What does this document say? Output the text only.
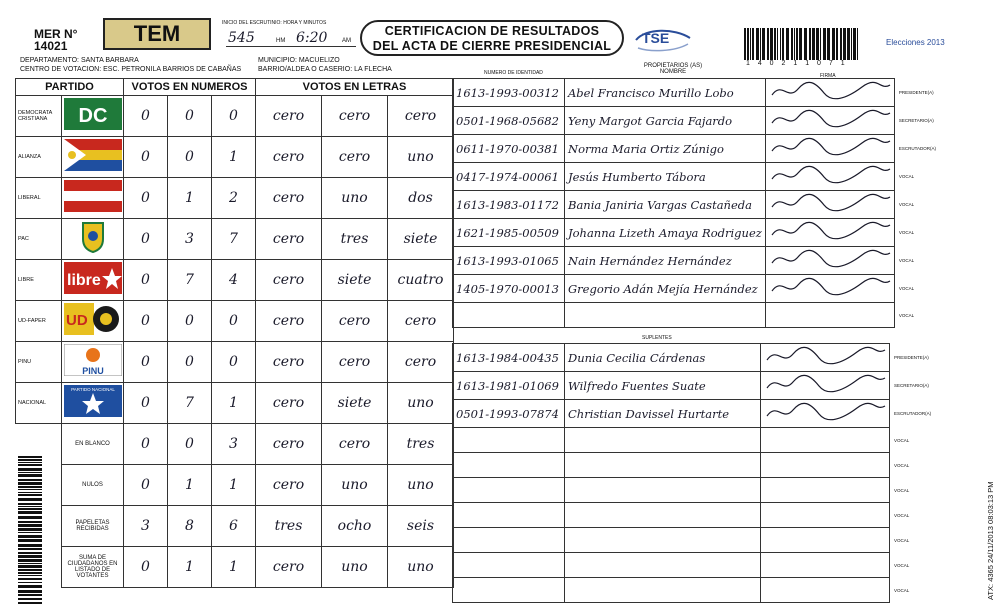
MER N°
14021	TEM	INICIO DEL ESCRUTINIO: HORA Y MINUTOS
545	HM 6:20 AM
CERTIFICACION DE RESULTADOS
DEL ACTA DE CIERRE PRESIDENCIAL	TSE
PROPIETARIOS (AS)
NOMBRE
1 4 0 2 1 1 0 7 1
Elecciones 2013
DEPARTAMENTO: SANTA BARBARA
CENTRO DE VOTACION: ESC. PETRONILA BARRIOS DE CABAÑAS
MUNICIPIO: MACUELIZO
BARRIO/ALDEA O CASERIO: LA FLECHA	NUMERO DE IDENTIDAD	FIRMA
PARTIDO		VOTOS EN NUMEROS			VOTOS EN LETRAS		
DEMOCRATA CRISTIANA	DC	0	0	0	cero	cero	cero
ALIANZA		0	0	1	cero	cero	uno
LIBERAL		0	1	2	cero	uno	dos
PAC		0	3	7	cero	tres	siete
LIBRE	libre	0	7	4	cero	siete	cuatro
UD-FAPER	UD	0	0	0	cero	cero	cero
PINU	PINU	0	0	0	cero	cero	cero
NACIONAL	PARTIDO NACIONAL	0	7	1	cero	siete	uno
	EN BLANCO	0	0	3	cero	cero	tres
	NULOS	0	1	1	cero	uno	uno
	PAPELETAS RECIBIDAS	3	8	6	tres	ocho	seis
	SUMA DE CIUDADANOS EN LISTADO DE VOTANTES	0	1	1	cero	uno	uno
1613-1993-00312	Abel Francisco Murillo Lobo		PRESIDENTE(A)
0501-1968-05682	Yeny Margot Garcia Fajardo		SECRETARIO(A)
0611-1970-00381	Norma Maria Ortiz Zúnigo		ESCRUTADOR(A)
0417-1974-00061	Jesús Humberto Tábora		VOCAL
1613-1983-01172	Bania Janiria Vargas Castañeda		VOCAL
1621-1985-00509	Johanna Lizeth Amaya Rodriguez		VOCAL
1613-1993-01065	Nain Hernández Hernández		VOCAL
1405-1970-00013	Gregorio Adán Mejía Hernández		VOCAL
			VOCAL
SUPLENTES
1613-1984-00435	Dunia Cecilia Cárdenas		PRESIDENTE(A)
1613-1981-01069	Wilfredo Fuentes Suate		SECRETARIO(A)
0501-1993-07874	Christian Davissel Hurtarte		ESCRUTADOR(A)
			VOCAL
			VOCAL
			VOCAL
			VOCAL
			VOCAL
			VOCAL
			VOCAL	ATX: 4365 24/11/2013 08:03:13 PM
